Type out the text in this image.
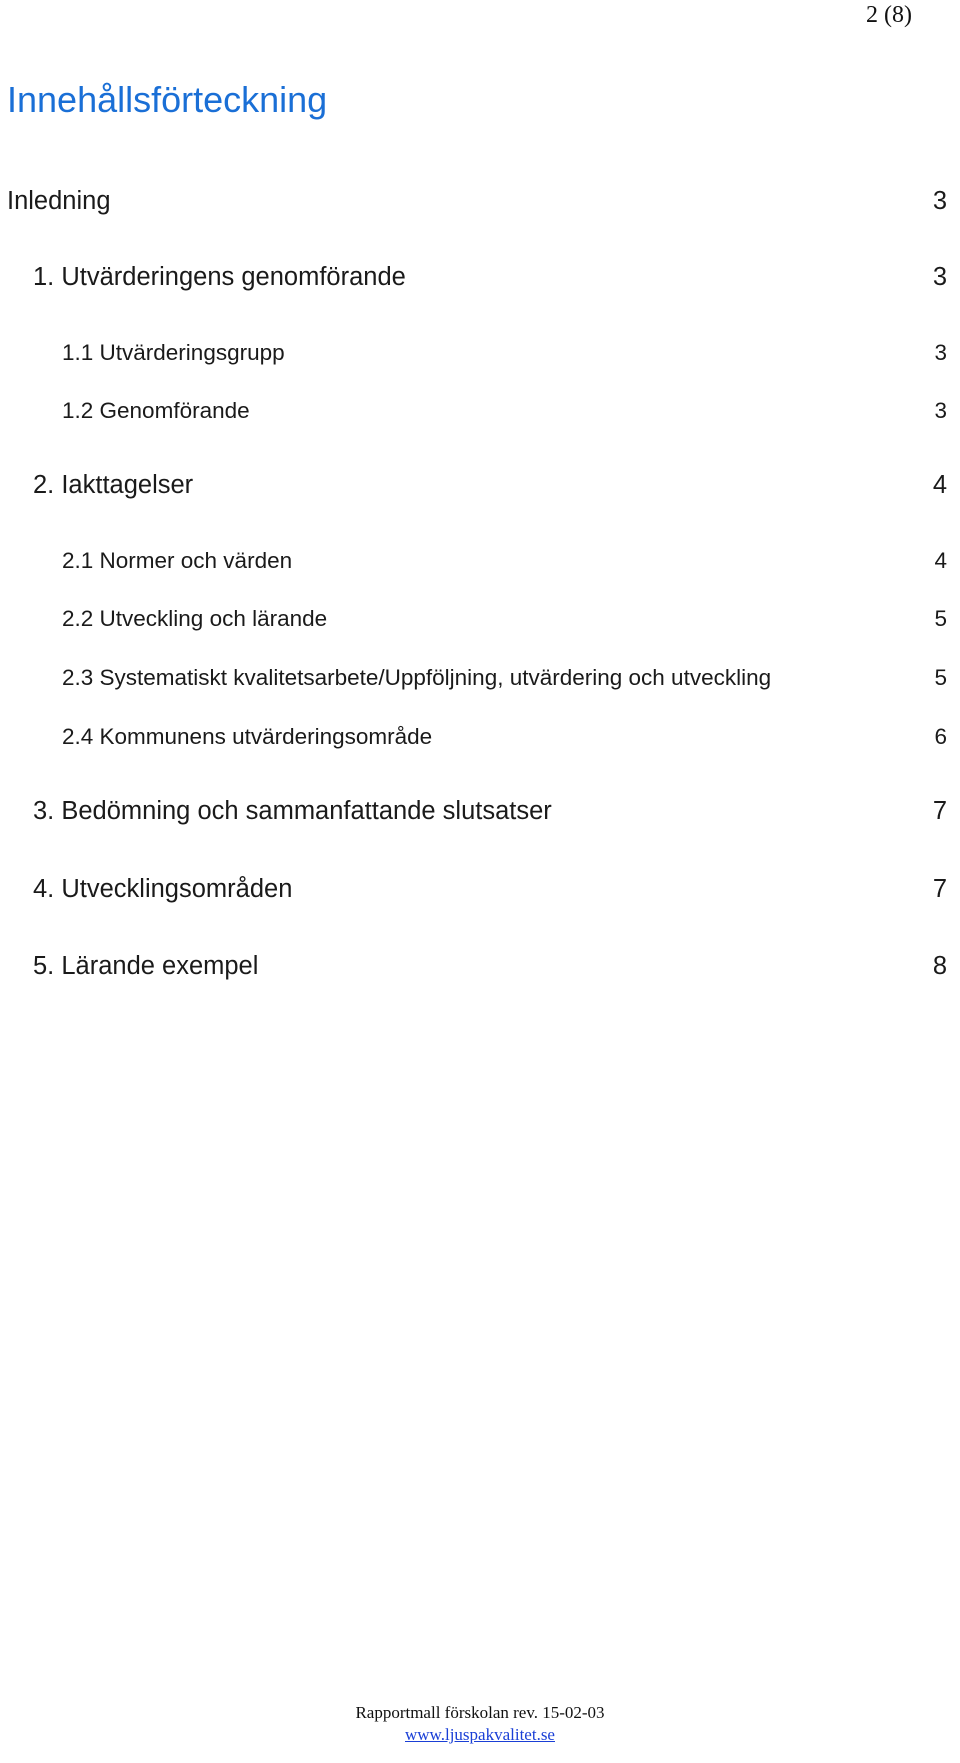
2 (8)
Innehållsförteckning
Inledning	3
1. Utvärderingens genomförande	3
1.1 Utvärderingsgrupp	3
1.2 Genomförande	3
2. Iakttagelser	4
2.1 Normer och värden	4
2.2 Utveckling och lärande	5
2.3 Systematiskt kvalitetsarbete/Uppföljning, utvärdering och utveckling	5
2.4 Kommunens utvärderingsområde	6
3. Bedömning och sammanfattande slutsatser	7
4. Utvecklingsområden	7
5. Lärande exempel	8
Rapportmall förskolan rev. 15-02-03
www.ljuspakvalitet.se
